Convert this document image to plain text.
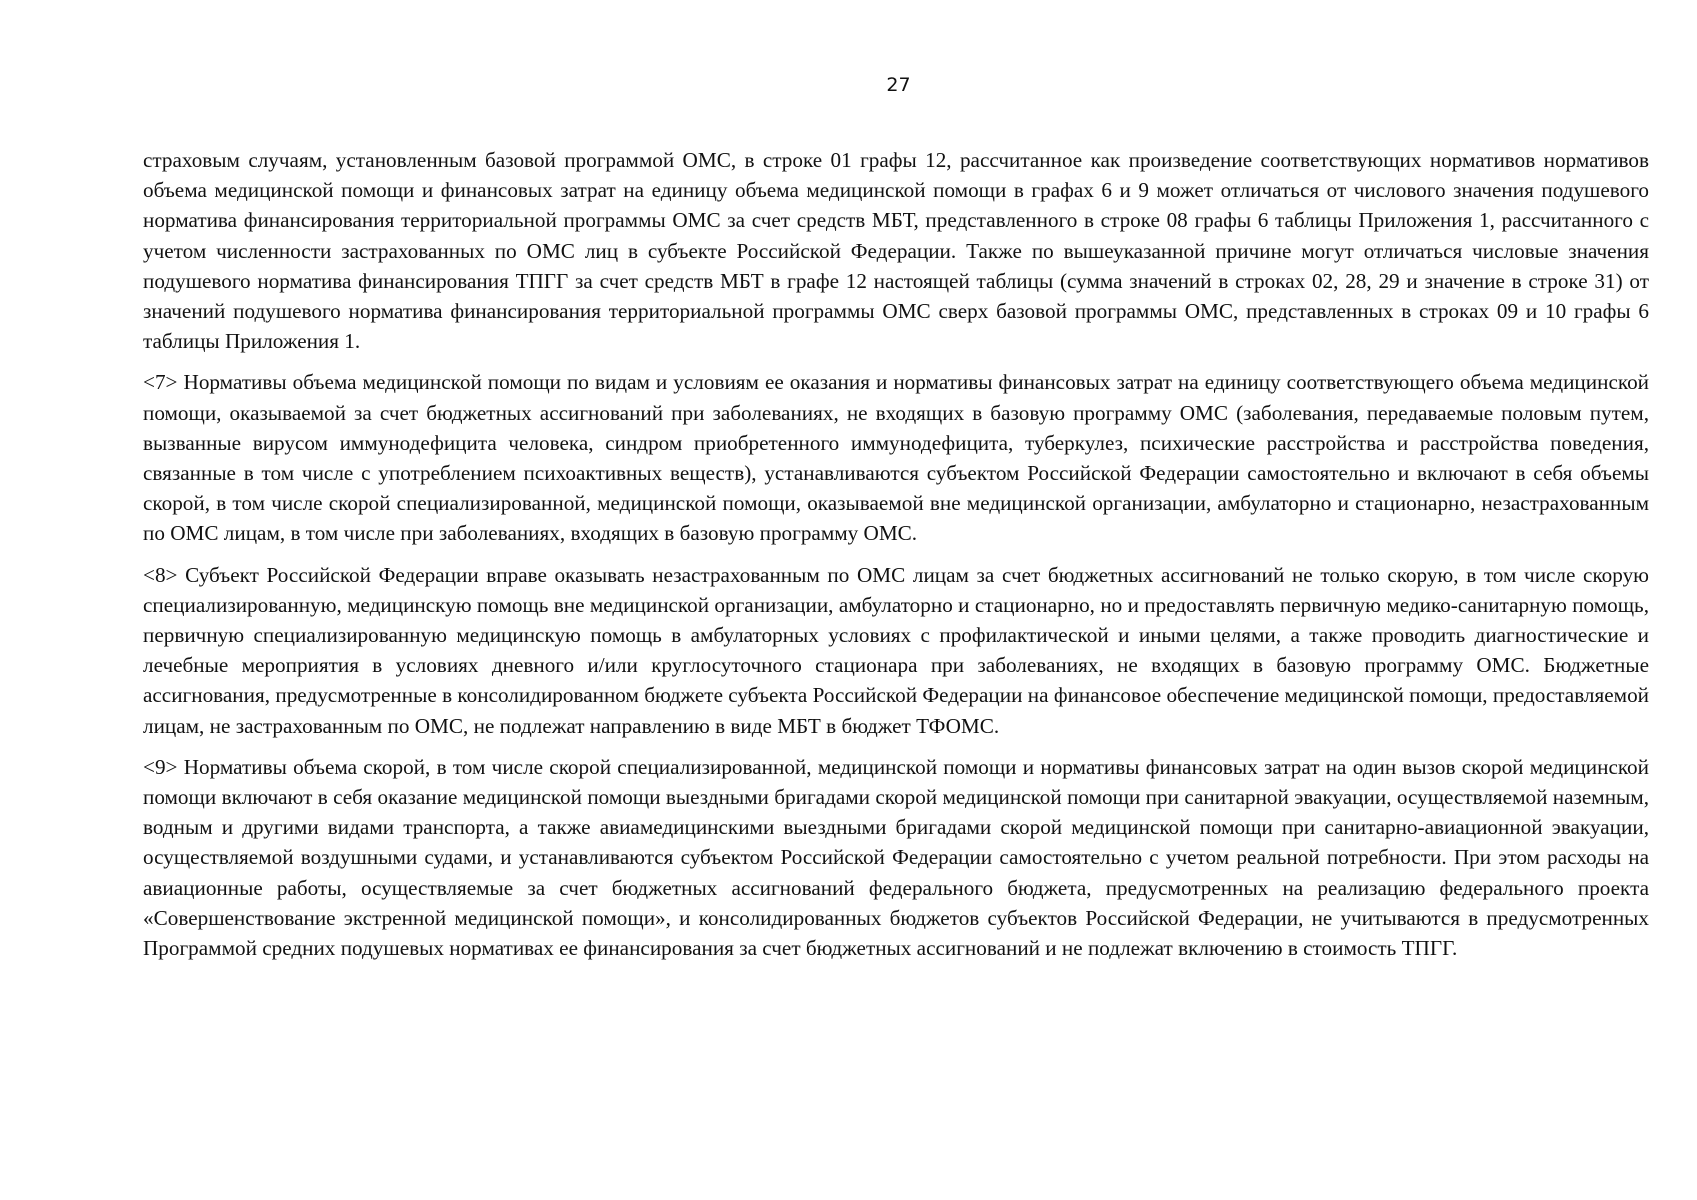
27

страховым случаям, установленным базовой программой ОМС, в строке 01 графы 12, рассчитанное как произведение соответствующих нормативов нормативов объема медицинской помощи и финансовых затрат на единицу объема медицинской помощи в графах 6 и 9 может отличаться от числового значения подушевого норматива финансирования территориальной программы ОМС за счет средств МБТ, представленного в строке 08 графы 6 таблицы Приложения 1, рассчитанного с учетом численности застрахованных по ОМС лиц в субъекте Российской Федерации. Также по вышеуказанной причине могут отличаться числовые значения подушевого норматива финансирования ТПГГ за счет средств МБТ в графе 12 настоящей таблицы (сумма значений в строках 02, 28, 29 и значение в строке 31) от значений подушевого норматива финансирования территориальной программы ОМС сверх базовой программы ОМС, представленных в строках 09 и 10 графы 6 таблицы Приложения 1.

<7> Нормативы объема медицинской помощи по видам и условиям ее оказания и нормативы финансовых затрат на единицу соответствующего объема медицинской помощи, оказываемой за счет бюджетных ассигнований при заболеваниях, не входящих в базовую программу ОМС (заболевания, передаваемые половым путем, вызванные вирусом иммунодефицита человека, синдром приобретенного иммунодефицита, туберкулез, психические расстройства и расстройства поведения, связанные в том числе с употреблением психоактивных веществ), устанавливаются субъектом Российской Федерации самостоятельно и включают в себя объемы скорой, в том числе скорой специализированной, медицинской помощи, оказываемой вне медицинской организации, амбулаторно и стационарно, незастрахованным по ОМС лицам, в том числе при заболеваниях, входящих в базовую программу ОМС.

<8> Субъект Российской Федерации вправе оказывать незастрахованным по ОМС лицам за счет бюджетных ассигнований не только скорую, в том числе скорую специализированную, медицинскую помощь вне медицинской организации, амбулаторно и стационарно, но и предоставлять первичную медико-санитарную помощь, первичную специализированную медицинскую помощь в амбулаторных условиях с профилактической и иными целями, а также проводить диагностические и лечебные мероприятия в условиях дневного и/или круглосуточного стационара при заболеваниях, не входящих в базовую программу ОМС. Бюджетные ассигнования, предусмотренные в консолидированном бюджете субъекта Российской Федерации на финансовое обеспечение медицинской помощи, предоставляемой лицам, не застрахованным по ОМС, не подлежат направлению в виде МБТ в бюджет ТФОМС.

<9> Нормативы объема скорой, в том числе скорой специализированной, медицинской помощи и нормативы финансовых затрат на один вызов скорой медицинской помощи включают в себя оказание медицинской помощи выездными бригадами скорой медицинской помощи при санитарной эвакуации, осуществляемой наземным, водным и другими видами транспорта, а также авиамедицинскими выездными бригадами скорой медицинской помощи при санитарно-авиационной эвакуации, осуществляемой воздушными судами, и устанавливаются субъектом Российской Федерации самостоятельно с учетом реальной потребности. При этом расходы на авиационные работы, осуществляемые за счет бюджетных ассигнований федерального бюджета, предусмотренных на реализацию федерального проекта «Совершенствование экстренной медицинской помощи», и консолидированных бюджетов субъектов Российской Федерации, не учитываются в предусмотренных Программой средних подушевых нормативах ее финансирования за счет бюджетных ассигнований и не подлежат включению в стоимость ТПГГ.
